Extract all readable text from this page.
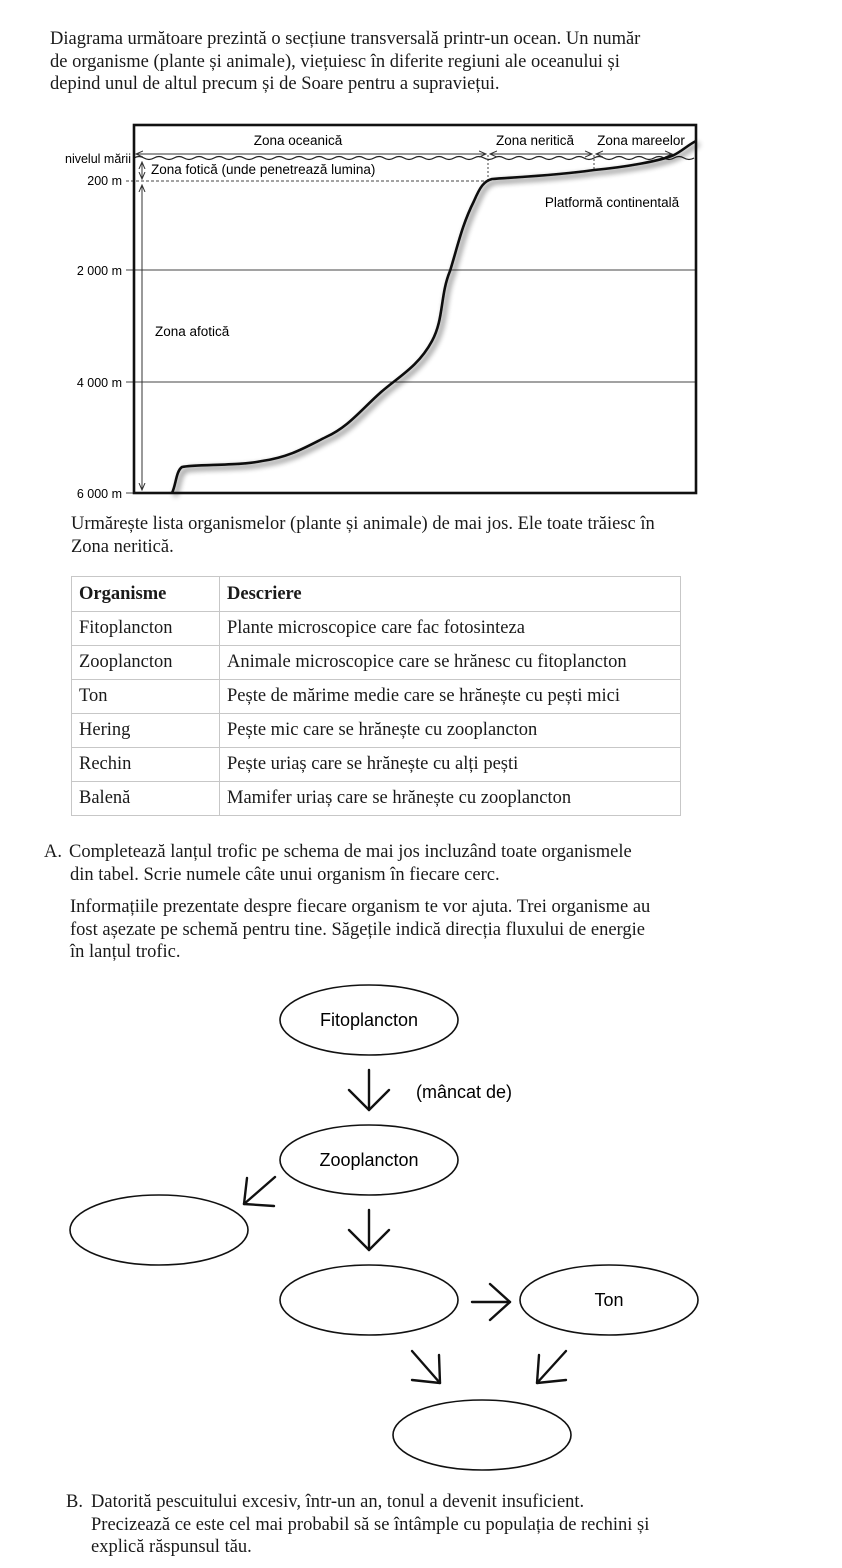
Diagrama următoare prezintă o secțiune transversală printr-un ocean. Un număr
de organisme (plante și animale), viețuiesc în diferite regiuni ale oceanului și
depind unul de altul precum și de Soare pentru a supraviețui.
Zona oceanică	Zona neritică Zona mareelor
nivelul mării
200 m
2 000 m
4 000 m
6 000 m
Zona fotică (unde penetrează lumina)
Zona afotică
Platformă continentală
Urmărește lista organismelor (plante și animale) de mai jos. Ele toate trăiesc în
Zona neritică.
Organisme	Descriere
Fitoplancton	Plante microscopice care fac fotosinteza
Zooplancton	Animale microscopice care se hrănesc cu fitoplancton
Ton	Pește de mărime medie care se hrănește cu pești mici
Hering	Pește mic care se hrănește cu zooplancton
Rechin	Pește uriaș care se hrănește cu alți pești
Balenă	Mamifer uriaș care se hrănește cu zooplancton
A. Completează lanțul trofic pe schema de mai jos incluzând toate organismele
din tabel. Scrie numele câte unui organism în fiecare cerc.
Informațiile prezentate despre fiecare organism te vor ajuta. Trei organisme au
fost așezate pe schemă pentru tine. Săgețile indică direcția fluxului de energie
în lanțul trofic.
Fitoplancton
(mâncat de)
Zooplancton
Ton
B. Datorită pescuitului excesiv, într-un an, tonul a devenit insuficient.
Precizează ce este cel mai probabil să se întâmple cu populația de rechini și
explică răspunsul tău.
